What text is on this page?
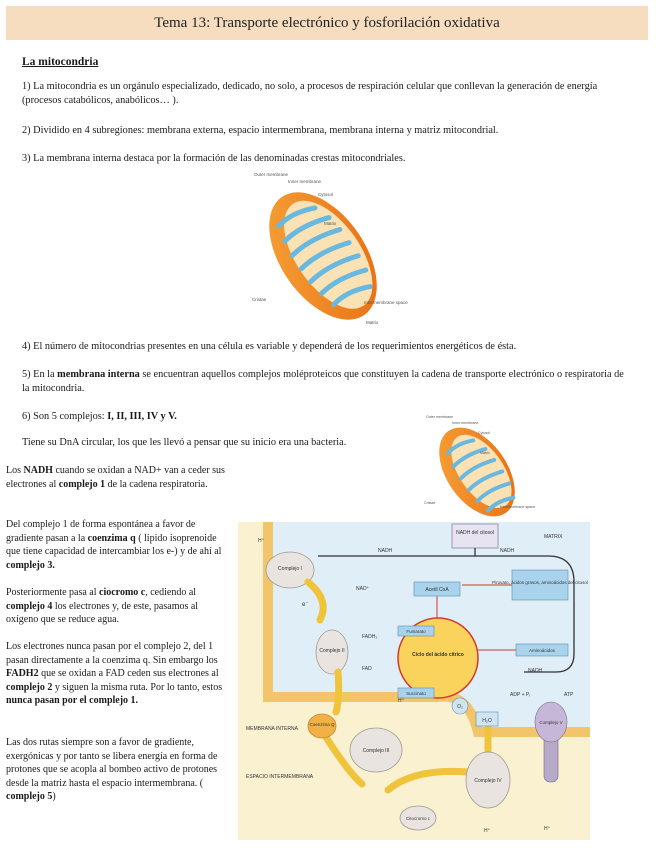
Tema 13: Transporte electrónico y fosforilación oxidativa
La mitocondria

1) La mitocondria es un orgánulo especializado, dedicado, no solo, a procesos de respiración celular que conllevan la generación de energía (procesos catabólicos, anabólicos… ).

2) Dividido en 4 subregiones: membrana externa, espacio intermembrana, membrana interna y matriz mitocondrial.

3) La membrana interna destaca por la formación de las denominadas crestas mitocondriales.

Outer membrane
Inner membrane
Cytosol
Matrix
Cristae
Intermembrane space
Matrix

4) El número de mitocondrias presentes en una célula es variable y dependerá de los requerimientos energéticos de ésta.

5) En la membrana interna se encuentran aquellos complejos moléproteicos que constituyen la cadena de transporte electrónico o respiratoria de la mitocondria.

6) Son 5 complejos: I, II, III, IV y V.

Tiene su DnA circular, los que les llevó a pensar que su inicio era una bacteria.

Outer membrane
Inner membrane
Cytosol
Matrix
Cristae
Intermembrane space

Los NADH cuando se oxidan a NAD+ van a ceder sus electrones al complejo 1 de la cadena respiratoria.

Del complejo 1 de forma espontánea a favor de gradiente pasan a la coenzima q ( lípido isoprenoide que tiene capacidad de intercambiar los e-) y de ahí al complejo 3.

Posteriormente pasa al ciocromo c, cediendo al complejo 4 los electrones y, de este, pasamos al oxígeno que se reduce agua.

Los electrones nunca pasan por el complejo 2, del 1 pasan directamente a la coenzima q. Sin embargo los FADH2 que se oxidan a FAD ceden sus electrones al complejo 2 y siguen la misma ruta. Por lo tanto, estos nunca pasan por el complejo 1.

Las dos rutas siempre son a favor de gradiente, exergónicas y por tanto se libera energía en forma de protones que se acopla al bombeo activo de protones desde la matriz hasta el espacio intermembrana. ( complejo 5)

NADH del citosol
MATRIX
NADH
NADH
NAD⁺
Complejo I
H⁺
Complejo II
FADH₂
FAD
Ciclo del ácido cítrico
Fumarato
Succinato
Acetil CoA
Piruvato, ácidos grasos, aminoácidos del citosol
Aminoácidos
NADH
e⁻
Coenzima Q
Complejo III
H⁺
Citocromo c
Complejo IV
H⁺
O₂
H₂O	Complejo V
ADP + Pᵢ	ATP
H⁺
MEMBRANA INTERNA
ESPACIO INTERMEMBRANA
